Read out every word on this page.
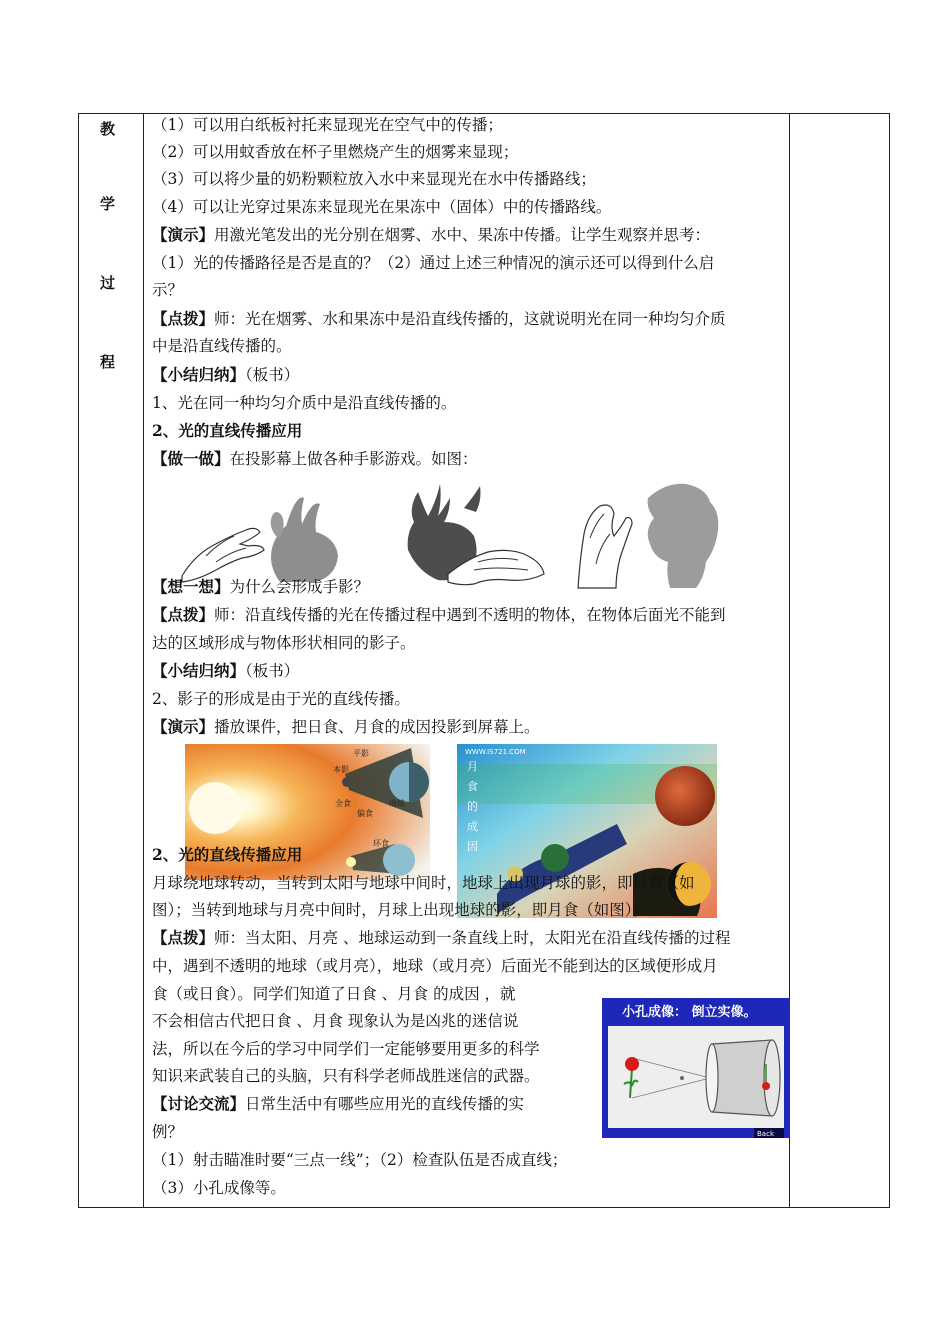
教
学
过
程
（1）可以用白纸板衬托来显现光在空气中的传播；
（2）可以用蚊香放在杯子里燃烧产生的烟雾来显现；
（3）可以将少量的奶粉颗粒放入水中来显现光在水中传播路线；
（4）可以让光穿过果冻来显现光在果冻中（固体）中的传播路线。
【演示】用激光笔发出的光分别在烟雾、水中、果冻中传播。让学生观察并思考：
（1）光的传播路径是否是直的？（2）通过上述三种情况的演示还可以得到什么启
示？
【点拨】师：光在烟雾、水和果冻中是沿直线传播的，这就说明光在同一种均匀介质
中是沿直线传播的。
【小结归纳】（板书）
1、光在同一种均匀介质中是沿直线传播的。
2、光的直线传播应用
【做一做】在投影幕上做各种手影游戏。如图：
【想一想】为什么会形成手影？
【点拨】师：沿直线传播的光在传播过程中遇到不透明的物体，在物体后面光不能到
达的区域形成与物体形状相同的影子。
【小结归纳】（板书）
2、影子的形成是由于光的直线传播。
【演示】播放课件，把日食、月食的成因投影到屏幕上。
平影
本影
全食	地球
偏食
环食
WWW.IS721.COM
月
食
的
成
因
2、光的直线传播应用
月球绕地球转动，当转到太阳与地球中间时，地球上出现月球的影，即日食（如
图）；当转到地球与月亮中间时，月球上出现地球的影，即月食（如图）。
【点拨】师：当太阳、月亮 、地球运动到一条直线上时，太阳光在沿直线传播的过程
中，遇到不透明的地球（或月亮），地球（或月亮）后面光不能到达的区域便形成月
食（或日食）。同学们知道了日食 、月食 的成因 ，就
不会相信古代把日食 、月食 现象认为是凶兆的迷信说
法，所以在今后的学习中同学们一定能够要用更多的科学
知识来武装自己的头脑，只有科学老师战胜迷信的武器。
【讨论交流】日常生活中有哪些应用光的直线传播的实
例？
（1）射击瞄准时要“三点一线”；（2）检查队伍是否成直线；
（3）小孔成像等。
小孔成像： 倒立实像。
Back
